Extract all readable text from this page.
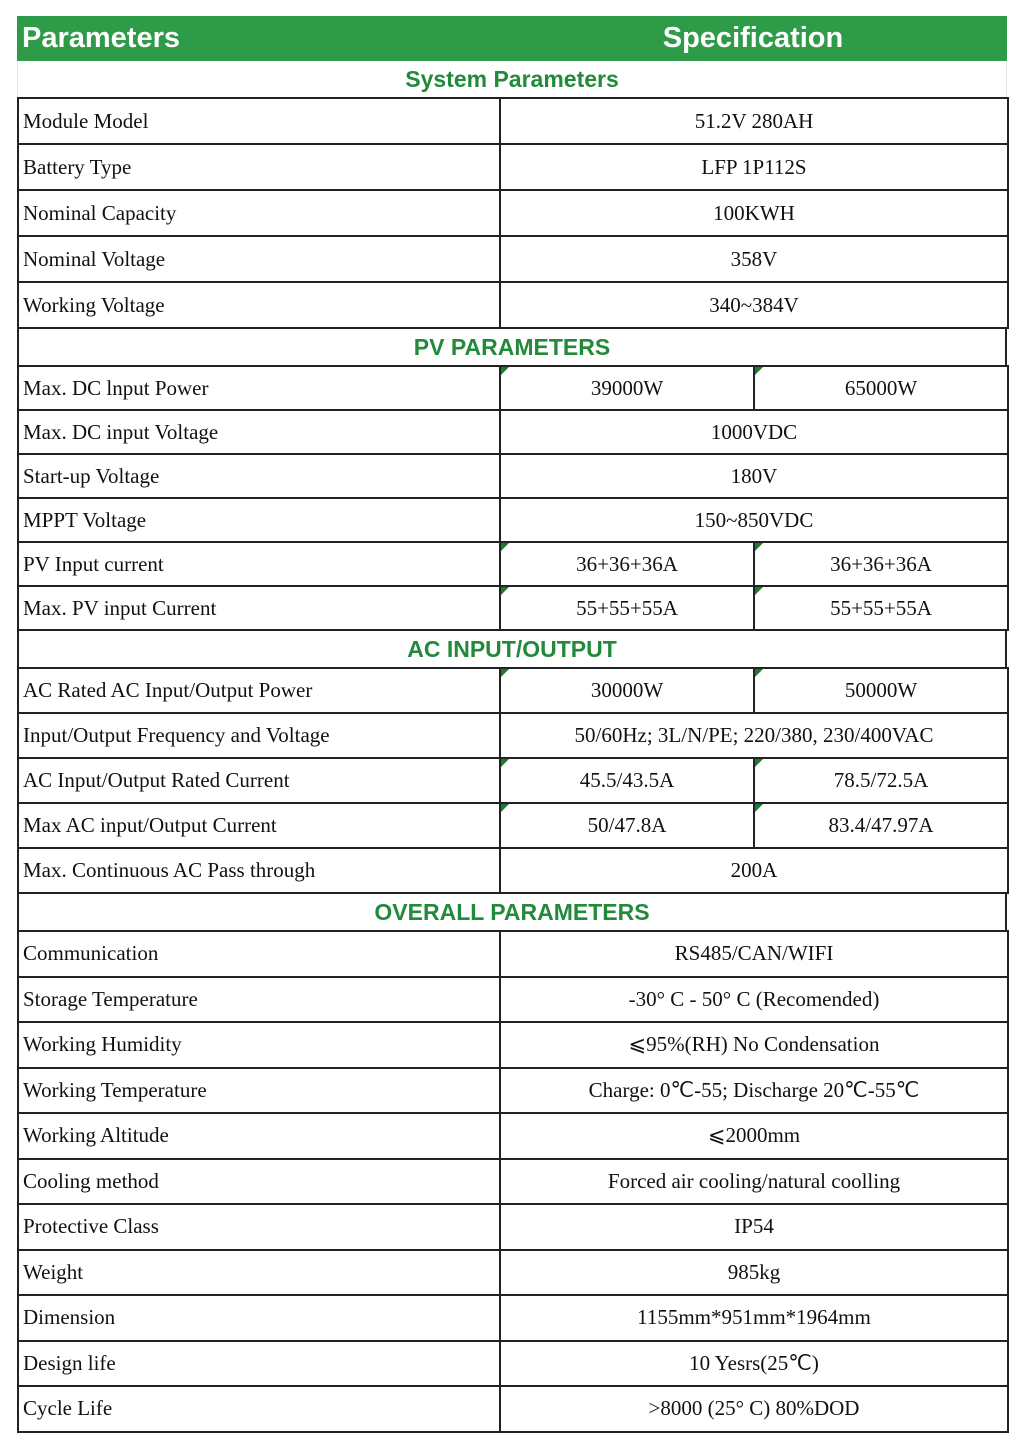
Parameters	Specification
System Parameters
Module Model	51.2V 280AH
Battery Type	LFP 1P112S
Nominal Capacity	100KWH
Nominal Voltage	358V
Working Voltage	340~384V
PV PARAMETERS
Max. DC lnput Power	39000W	65000W
Max. DC input Voltage	1000VDC	
Start-up Voltage	180V	
MPPT Voltage	150~850VDC	
PV Input current	36+36+36A	36+36+36A
Max. PV input Current	55+55+55A	55+55+55A
AC INPUT/OUTPUT
AC Rated AC Input/Output Power	30000W	50000W
Input/Output Frequency and Voltage	50/60Hz; 3L/N/PE; 220/380, 230/400VAC	
AC Input/Output Rated Current	45.5/43.5A	78.5/72.5A
Max AC input/Output Current	50/47.8A	83.4/47.97A
Max. Continuous AC Pass through	200A	
OVERALL PARAMETERS
Communication	RS485/CAN/WIFI
Storage Temperature	-30° C - 50° C (Recomended)
Working Humidity	⩽95%(RH) No Condensation
Working Temperature	Charge: 0℃-55; Discharge 20℃-55℃
Working Altitude	⩽2000mm
Cooling method	Forced air cooling/natural coolling
Protective Class	IP54
Weight	985kg
Dimension	1155mm*951mm*1964mm
Design life	10 Yesrs(25℃)
Cycle Life	>8000 (25° C) 80%DOD
